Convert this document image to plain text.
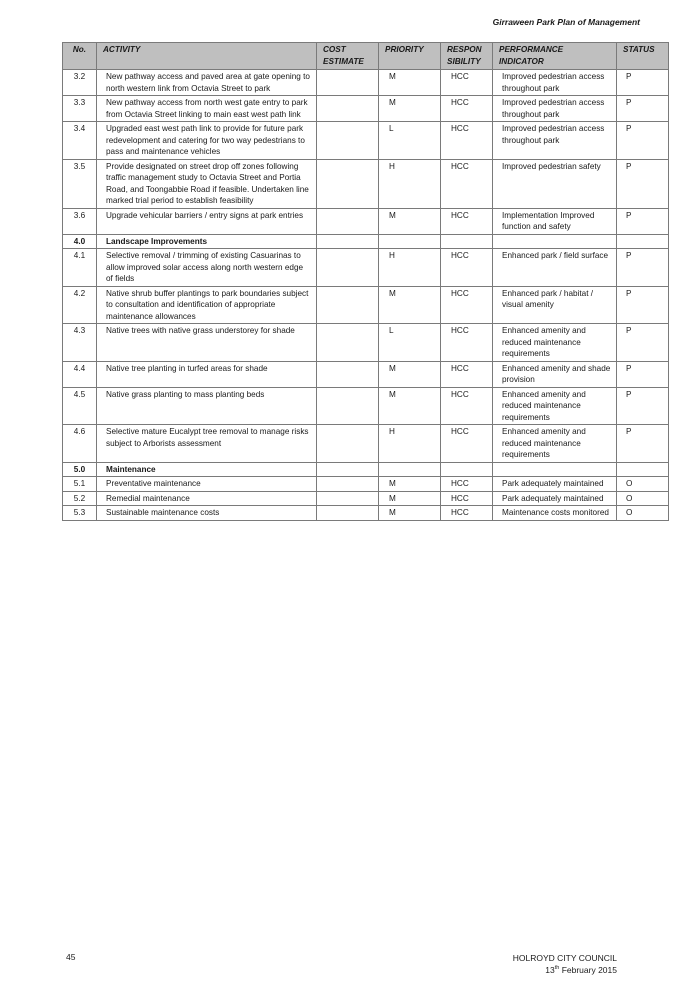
Girraween Park Plan of Management
No.	ACTIVITY	COST ESTIMATE	PRIORITY	RESPON SIBILITY	PERFORMANCE INDICATOR	STATUS
3.2	New pathway access and paved area at gate opening to north western link from Octavia Street to park		M	HCC	Improved pedestrian access throughout park	P
3.3	New pathway access from north west gate entry to park from Octavia Street linking to main east west path link		M	HCC	Improved pedestrian access throughout park	P
3.4	Upgraded east west path link to provide for future park redevelopment and catering for two way pedestrians to pass and maintenance vehicles		L	HCC	Improved pedestrian access throughout park	P
3.5	Provide designated on street drop off zones following traffic management study to Octavia Street and Portia Road, and Toongabbie Road if feasible. Undertaken line marked trial period to establish feasibility		H	HCC	Improved pedestrian safety	P
3.6	Upgrade vehicular barriers / entry signs at park entries		M	HCC	Implementation Improved function and safety	P
4.0	Landscape Improvements					
4.1	Selective removal / trimming of existing Casuarinas to allow improved solar access along north western edge of fields		H	HCC	Enhanced park / field surface	P
4.2	Native shrub buffer plantings to park boundaries subject to consultation and identification of appropriate maintenance allowances		M	HCC	Enhanced park / habitat / visual amenity	P
4.3	Native trees with native grass understorey for shade		L	HCC	Enhanced amenity and reduced maintenance requirements	P
4.4	Native tree planting in turfed areas for shade		M	HCC	Enhanced amenity and shade provision	P
4.5	Native grass planting to mass planting beds		M	HCC	Enhanced amenity and reduced maintenance requirements	P
4.6	Selective mature Eucalypt tree removal to manage risks subject to Arborists assessment		H	HCC	Enhanced amenity and reduced maintenance requirements	P
5.0	Maintenance					
5.1	Preventative maintenance		M	HCC	Park adequately maintained	O
5.2	Remedial maintenance		M	HCC	Park adequately maintained	O
5.3	Sustainable maintenance costs		M	HCC	Maintenance costs monitored	O
45	HOLROYD CITY COUNCIL
13th February 2015
